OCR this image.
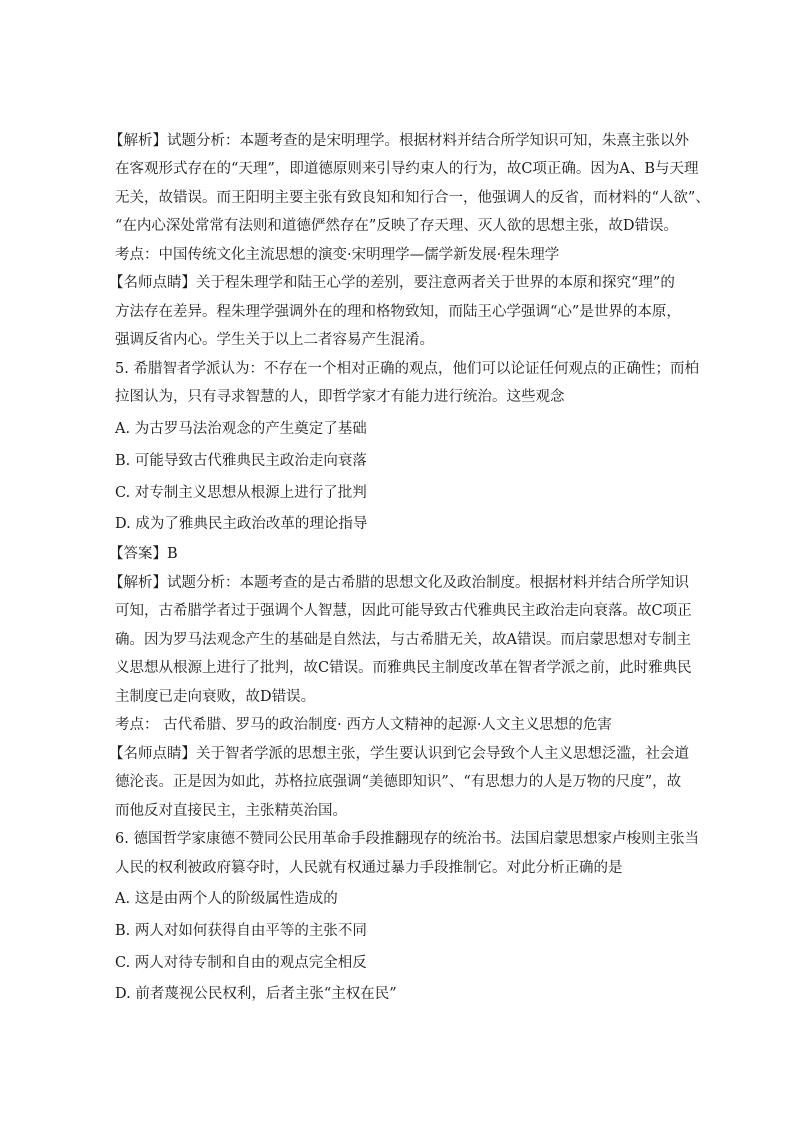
【解析】试题分析：本题考查的是宋明理学。根据材料并结合所学知识可知，朱熹主张以外
在客观形式存在的“天理”，即道德原则来引导约束人的行为，故C项正确。因为A、B与天理
无关，故错误。而王阳明主要主张有致良知和知行合一，他强调人的反省，而材料的“人欲”、
“在内心深处常常有法则和道德俨然存在”反映了存天理、灭人欲的思想主张，故D错误。
考点：中国传统文化主流思想的演变·宋明理学—儒学新发展·程朱理学
【名师点睛】关于程朱理学和陆王心学的差别，要注意两者关于世界的本原和探究“理”的
方法存在差异。程朱理学强调外在的理和格物致知，而陆王心学强调“心”是世界的本原，
强调反省内心。学生关于以上二者容易产生混淆。
5. 希腊智者学派认为：不存在一个相对正确的观点，他们可以论证任何观点的正确性；而柏
拉图认为，只有寻求智慧的人，即哲学家才有能力进行统治。这些观念
A. 为古罗马法治观念的产生奠定了基础
B. 可能导致古代雅典民主政治走向衰落
C. 对专制主义思想从根源上进行了批判
D. 成为了雅典民主政治改革的理论指导
【答案】B
【解析】试题分析：本题考查的是古希腊的思想文化及政治制度。根据材料并结合所学知识
可知，古希腊学者过于强调个人智慧，因此可能导致古代雅典民主政治走向衰落。故C项正
确。因为罗马法观念产生的基础是自然法，与古希腊无关，故A错误。而启蒙思想对专制主
义思想从根源上进行了批判，故C错误。而雅典民主制度改革在智者学派之前，此时雅典民
主制度已走向衰败，故D错误。
考点： 古代希腊、罗马的政治制度· 西方人文精神的起源·人文主义思想的危害
【名师点睛】关于智者学派的思想主张，学生要认识到它会导致个人主义思想泛滥，社会道
德沦丧。正是因为如此，苏格拉底强调“美德即知识”、“有思想力的人是万物的尺度”，故
而他反对直接民主，主张精英治国。
6. 德国哲学家康德不赞同公民用革命手段推翻现存的统治书。法国启蒙思想家卢梭则主张当
人民的权利被政府篡夺时，人民就有权通过暴力手段推制它。对此分析正确的是
A. 这是由两个人的阶级属性造成的
B. 两人对如何获得自由平等的主张不同
C. 两人对待专制和自由的观点完全相反
D. 前者蔑视公民权利，后者主张“主权在民”
